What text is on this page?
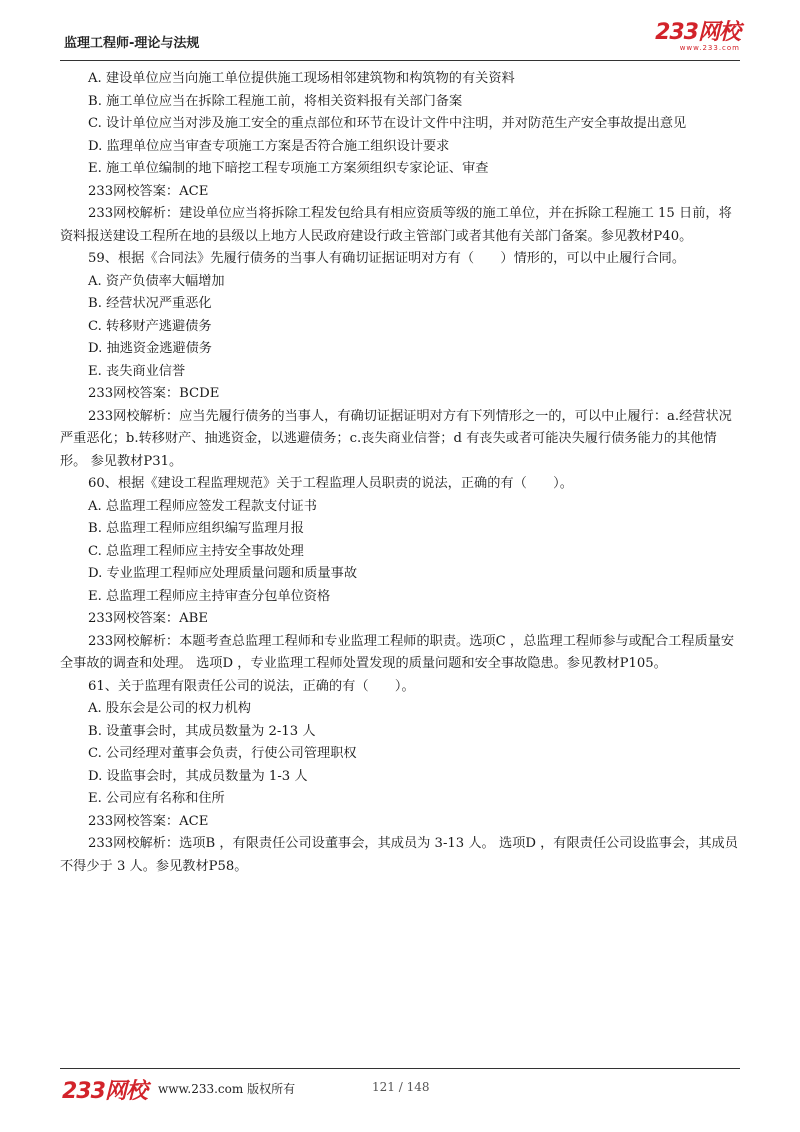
监理工程师-理论与法规	233网校
www.233.com

A. 建设单位应当向施工单位提供施工现场相邻建筑物和构筑物的有关资料

B. 施工单位应当在拆除工程施工前，将相关资料报有关部门备案

C. 设计单位应当对涉及施工安全的重点部位和环节在设计文件中注明，并对防范生产安全事故提出意见

D. 监理单位应当审查专项施工方案是否符合施工组织设计要求

E. 施工单位编制的地下暗挖工程专项施工方案须组织专家论证、审查

233网校答案：ACE

233网校解析：建设单位应当将拆除工程发包给具有相应资质等级的施工单位，并在拆除工程施工 15 日前，将资料报送建设工程所在地的县级以上地方人民政府建设行政主管部门或者其他有关部门备案。参见教材P40。

59、根据《合同法》先履行债务的当事人有确切证据证明对方有（　　）情形的，可以中止履行合同。

A. 资产负债率大幅增加

B. 经营状况严重恶化

C. 转移财产逃避债务

D. 抽逃资金逃避债务

E. 丧失商业信誉

233网校答案：BCDE

233网校解析：应当先履行债务的当事人，有确切证据证明对方有下列情形之一的，可以中止履行：a.经营状况严重恶化；b.转移财产、抽逃资金，以逃避债务；c.丧失商业信誉；d 有丧失或者可能决失履行债务能力的其他情形。 参见教材P31。

60、根据《建设工程监理规范》关于工程监理人员职责的说法，正确的有（　　）。

A. 总监理工程师应签发工程款支付证书

B. 总监理工程师应组织编写监理月报

C. 总监理工程师应主持安全事故处理

D. 专业监理工程师应处理质量问题和质量事故

E. 总监理工程师应主持审查分包单位资格

233网校答案：ABE

233网校解析：本题考查总监理工程师和专业监理工程师的职责。选项C ，总监理工程师参与或配合工程质量安全事故的调查和处理。 选项D ，专业监理工程师处置发现的质量问题和安全事故隐患。参见教材P105。

61、关于监理有限责任公司的说法，正确的有（　　）。

A. 股东会是公司的权力机构

B. 设董事会时，其成员数量为 2-13 人

C. 公司经理对董事会负责，行使公司管理职权

D. 设监事会时，其成员数量为 1-3 人

E. 公司应有名称和住所

233网校答案：ACE

233网校解析：选项B ，有限责任公司设董事会，其成员为 3-13 人。 选项D ，有限责任公司设监事会，其成员不得少于 3 人。参见教材P58。

233网校 www.233.com 版权所有	121 / 148
